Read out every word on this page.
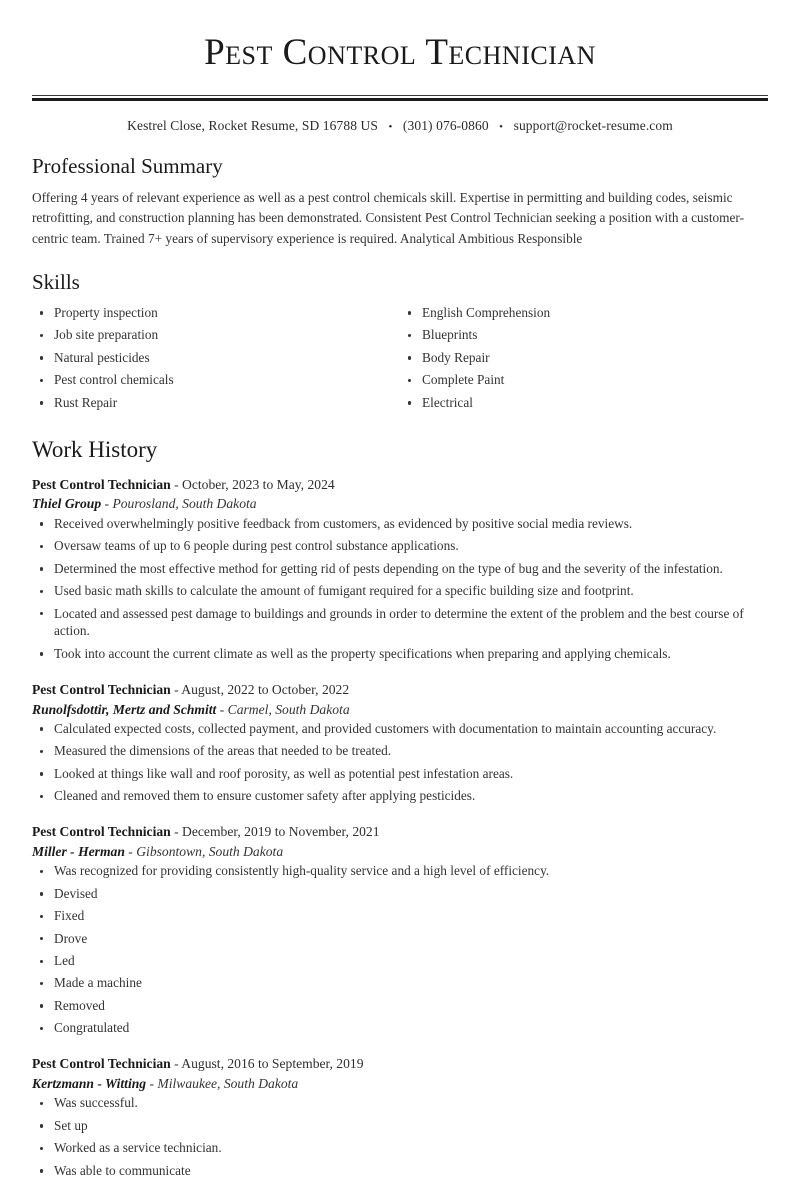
Pest Control Technician
Kestrel Close, Rocket Resume, SD 16788 US • (301) 076-0860 • support@rocket-resume.com
Professional Summary

Offering 4 years of relevant experience as well as a pest control chemicals skill. Expertise in permitting and building codes, seismic retrofitting, and construction planning has been demonstrated. Consistent Pest Control Technician seeking a position with a customer-centric team. Trained 7+ years of supervisory experience is required. Analytical Ambitious Responsible

Skills
Property inspection
Job site preparation
Natural pesticides
Pest control chemicals
Rust Repair
English Comprehension
Blueprints
Body Repair
Complete Paint
Electrical
Work History
Pest Control Technician - October, 2023 to May, 2024
Thiel Group - Pourosland, South Dakota
Received overwhelmingly positive feedback from customers, as evidenced by positive social media reviews.
Oversaw teams of up to 6 people during pest control substance applications.
Determined the most effective method for getting rid of pests depending on the type of bug and the severity of the infestation.
Used basic math skills to calculate the amount of fumigant required for a specific building size and footprint.
Located and assessed pest damage to buildings and grounds in order to determine the extent of the problem and the best course of action.
Took into account the current climate as well as the property specifications when preparing and applying chemicals.
Pest Control Technician - August, 2022 to October, 2022
Runolfsdottir, Mertz and Schmitt - Carmel, South Dakota
Calculated expected costs, collected payment, and provided customers with documentation to maintain accounting accuracy.
Measured the dimensions of the areas that needed to be treated.
Looked at things like wall and roof porosity, as well as potential pest infestation areas.
Cleaned and removed them to ensure customer safety after applying pesticides.
Pest Control Technician - December, 2019 to November, 2021
Miller - Herman - Gibsontown, South Dakota
Was recognized for providing consistently high-quality service and a high level of efficiency.
Devised
Fixed
Drove
Led
Made a machine
Removed
Congratulated
Pest Control Technician - August, 2016 to September, 2019
Kertzmann - Witting - Milwaukee, South Dakota
Was successful.
Set up
Worked as a service technician.
Was able to communicate
